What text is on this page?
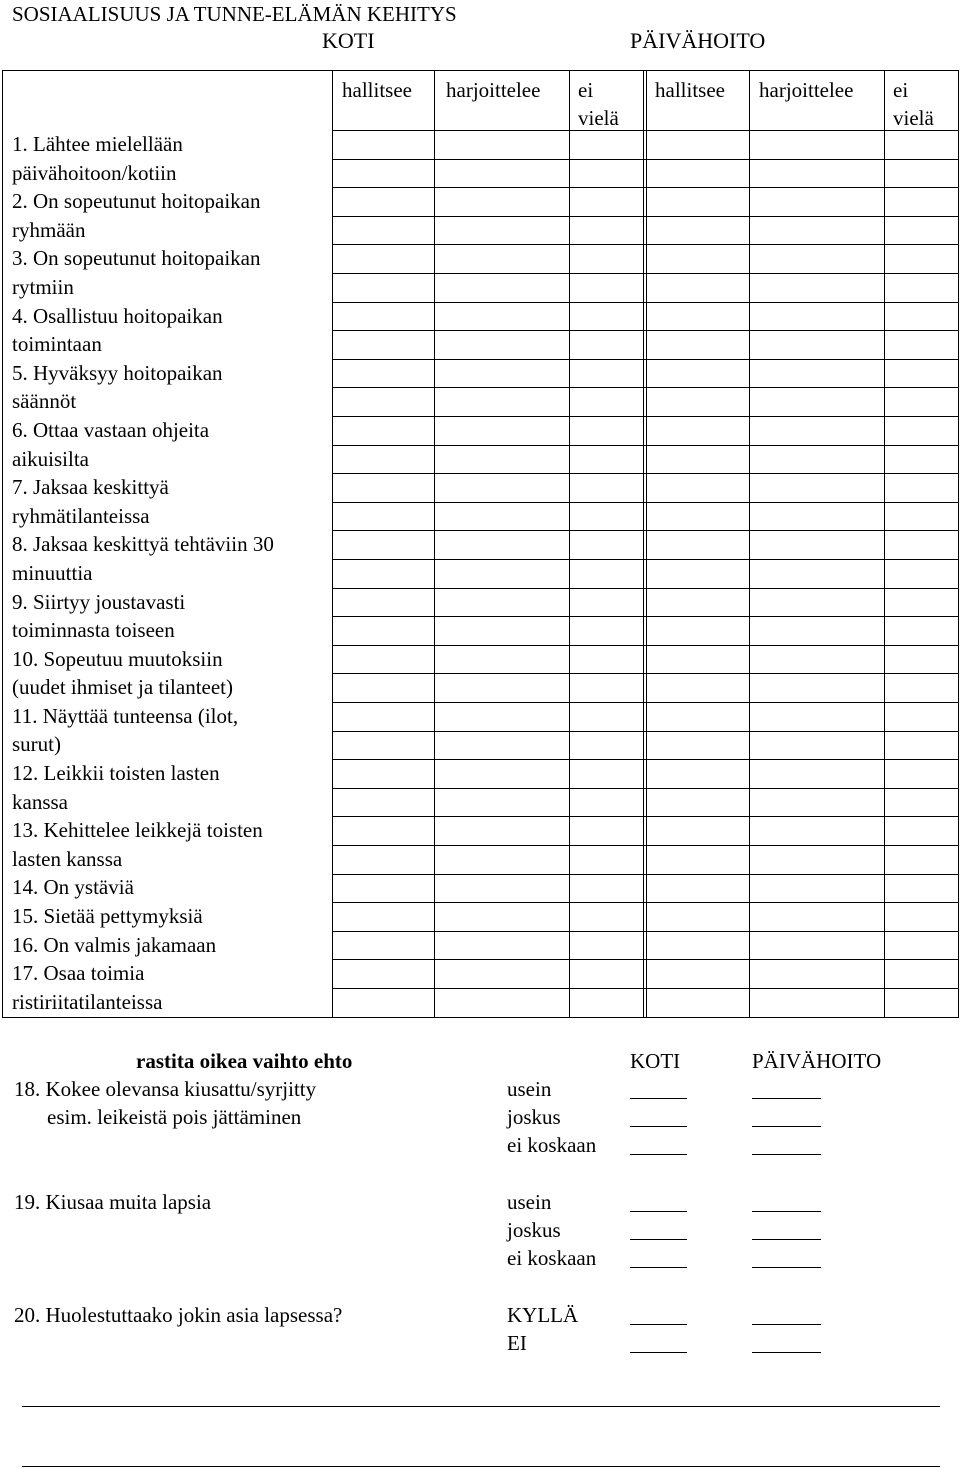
SOSIAALISUUS JA TUNNE-ELÄMÄN KEHITYS
KOTI	PÄIVÄHOITO
hallitsee harjoittelee ei
vielä
hallitsee harjoittelee ei
vielä
1. Lähtee mielellään
päivähoitoon/kotiin
2. On sopeutunut hoitopaikan
ryhmään
3. On sopeutunut hoitopaikan
rytmiin
4. Osallistuu hoitopaikan
toimintaan
5. Hyväksyy hoitopaikan
säännöt
6. Ottaa vastaan ohjeita
aikuisilta
7. Jaksaa keskittyä
ryhmätilanteissa
8. Jaksaa keskittyä tehtäviin 30
minuuttia
9. Siirtyy joustavasti
toiminnasta toiseen
10. Sopeutuu muutoksiin
(uudet ihmiset ja tilanteet)
11. Näyttää tunteensa (ilot,
surut)
12. Leikkii toisten lasten
kanssa
13. Kehittelee leikkejä toisten
lasten kanssa
14. On ystäviä
15. Sietää pettymyksiä
16. On valmis jakamaan
17. Osaa toimia
ristiriitatilanteissa
rastita oikea vaihto ehto	KOTI	PÄIVÄHOITO
18. Kokee olevansa kiusattu/syrjitty
esim. leikeistä pois jättäminen
usein
joskus
ei koskaan
19. Kiusaa muita lapsia	usein
joskus
ei koskaan
20. Huolestuttaako jokin asia lapsessa?	KYLLÄ
EI
